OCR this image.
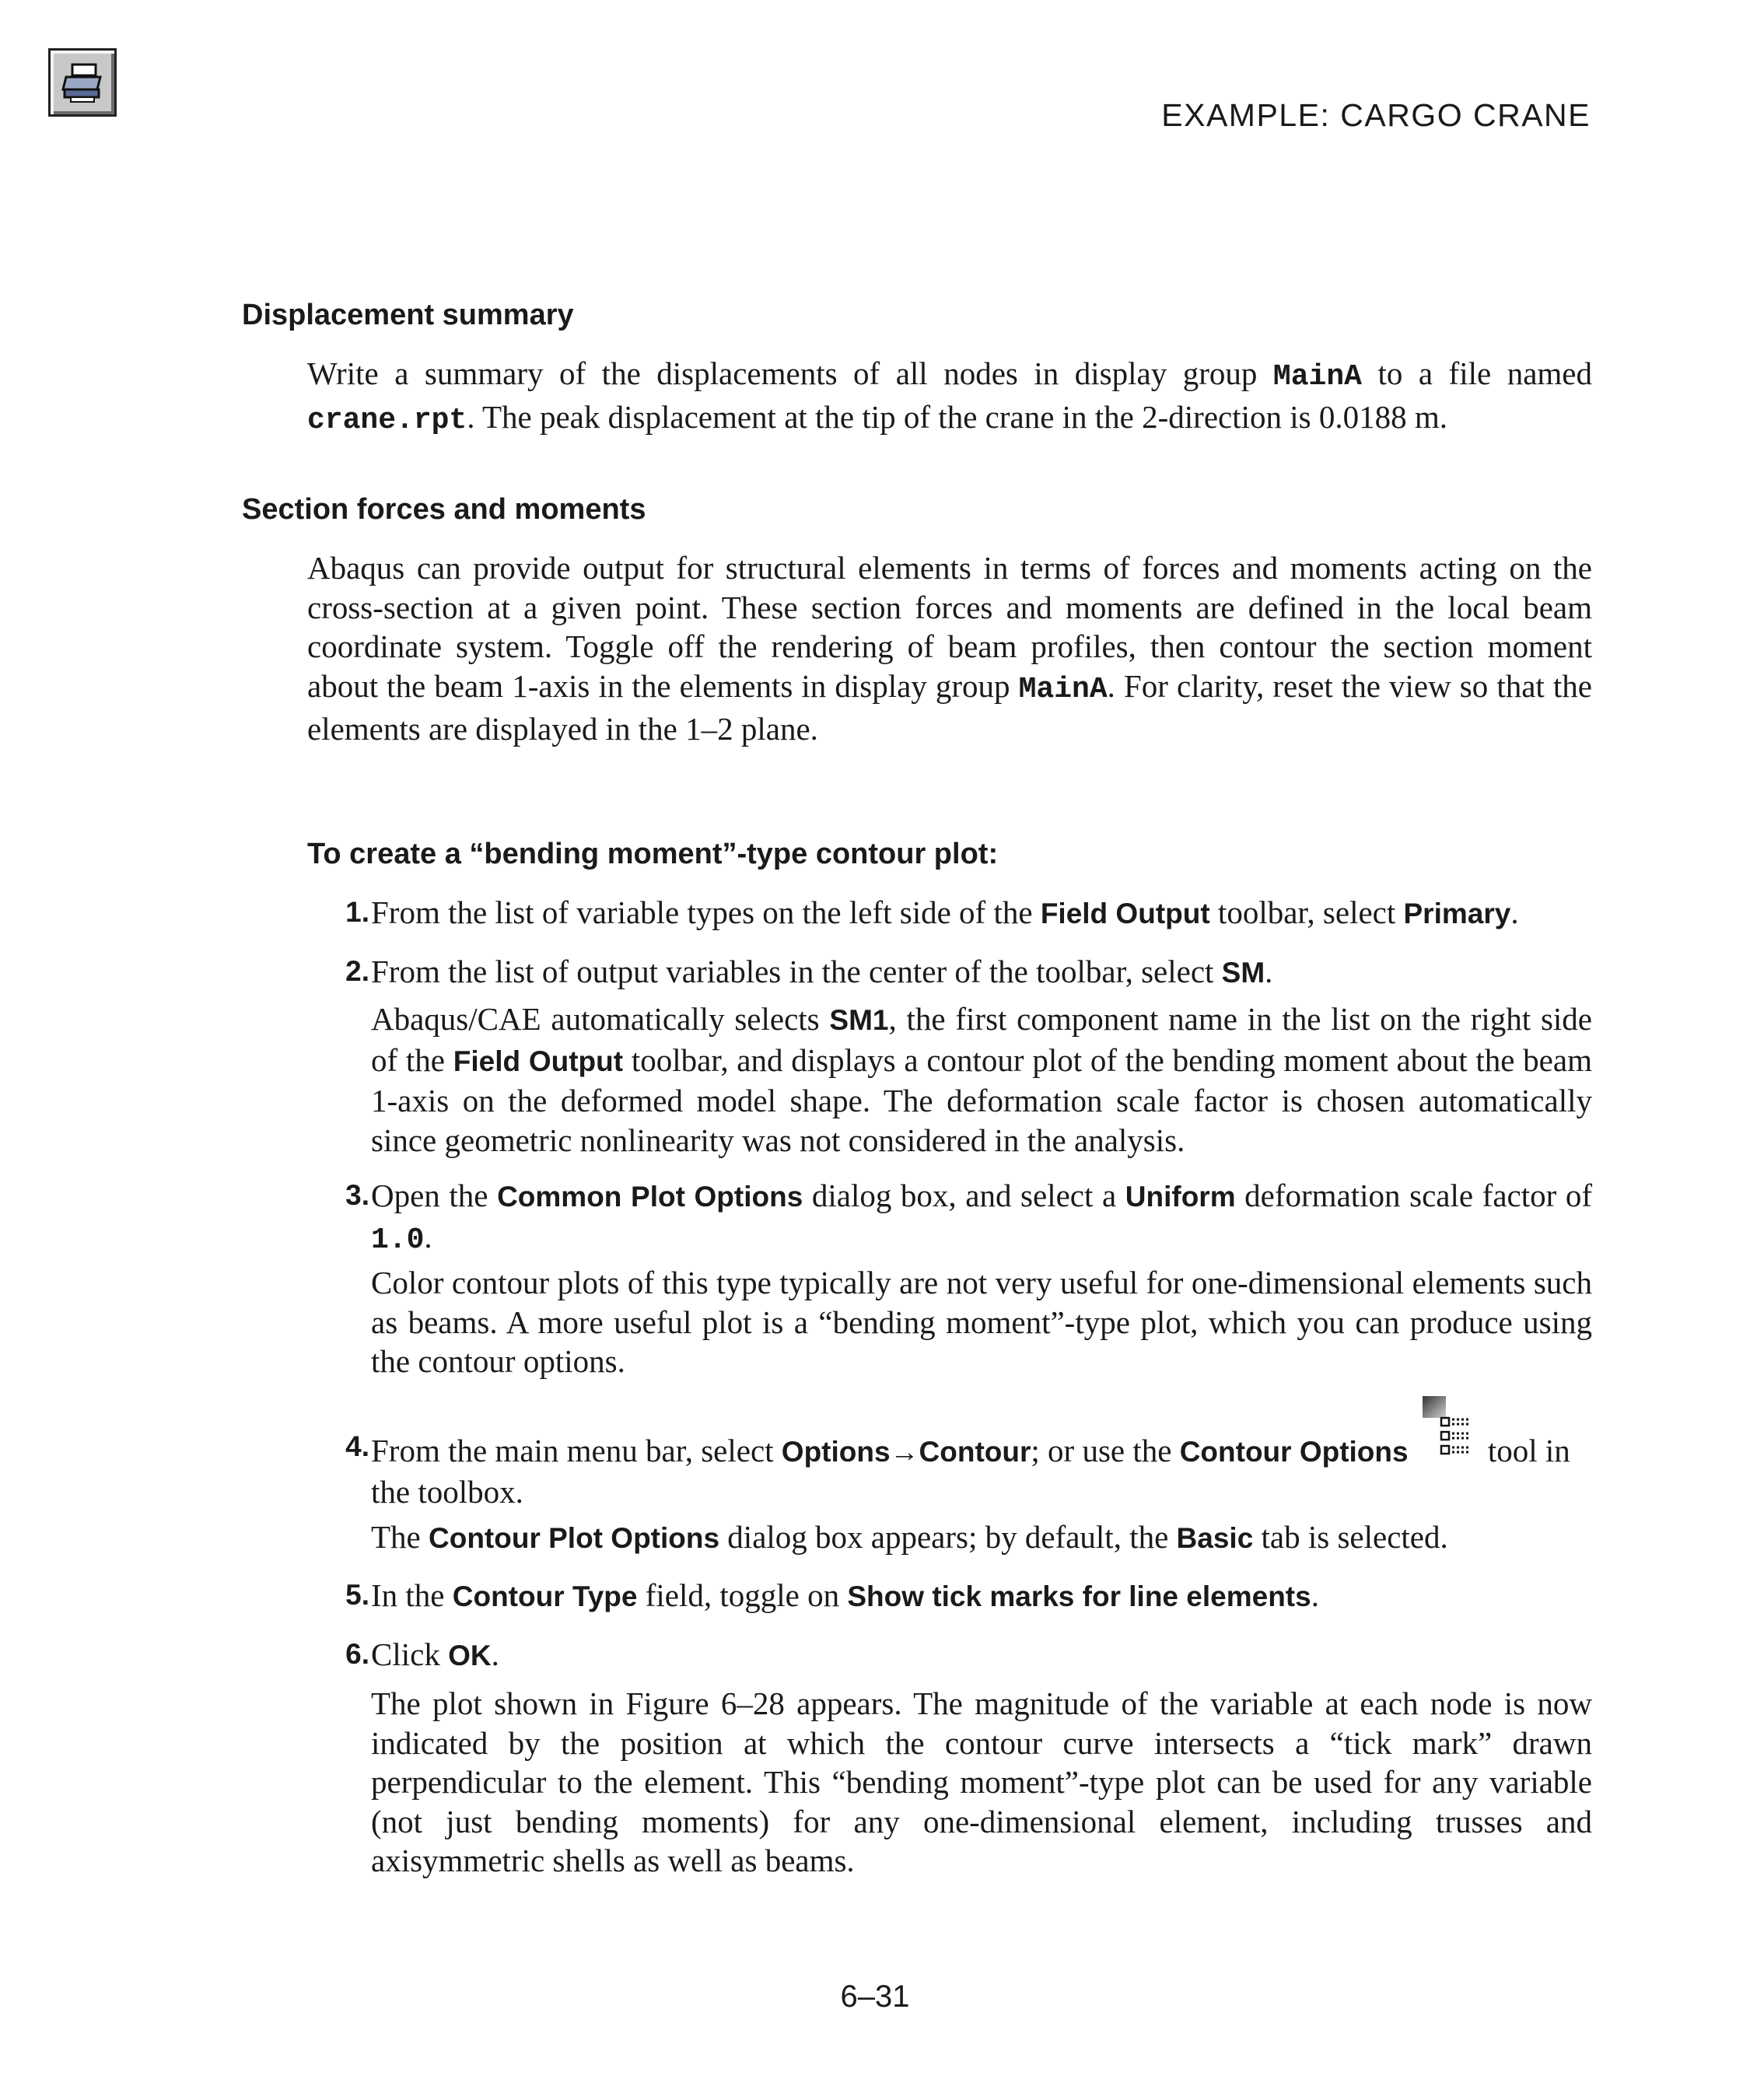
EXAMPLE: CARGO CRANE
Displacement summary

Write a summary of the displacements of all nodes in display group MainA to a file named crane.rpt. The peak displacement at the tip of the crane in the 2-direction is 0.0188 m.

Section forces and moments

Abaqus can provide output for structural elements in terms of forces and moments acting on the cross-section at a given point. These section forces and moments are defined in the local beam coordinate system. Toggle off the rendering of beam profiles, then contour the section moment about the beam 1-axis in the elements in display group MainA. For clarity, reset the view so that the elements are displayed in the 1–2 plane.

To create a “bending moment”-type contour plot:
1. From the list of variable types on the left side of the Field Output toolbar, select Primary.
2. From the list of output variables in the center of the toolbar, select SM.

Abaqus/CAE automatically selects SM1, the first component name in the list on the right side of the Field Output toolbar, and displays a contour plot of the bending moment about the beam 1-axis on the deformed model shape. The deformation scale factor is chosen automatically since geometric nonlinearity was not considered in the analysis.

3. Open the Common Plot Options dialog box, and select a Uniform deformation scale factor of 1.0.

Color contour plots of this type typically are not very useful for one-dimensional elements such as beams. A more useful plot is a “bending moment”-type plot, which you can produce using the contour options.

4. From the main menu bar, select Options→Contour; or use the Contour Options
tool in the toolbox.

The Contour Plot Options dialog box appears; by default, the Basic tab is selected.

5. In the Contour Type field, toggle on Show tick marks for line elements.
6. Click OK.

The plot shown in Figure 6–28 appears. The magnitude of the variable at each node is now indicated by the position at which the contour curve intersects a “tick mark” drawn perpendicular to the element. This “bending moment”-type plot can be used for any variable (not just bending moments) for any one-dimensional element, including trusses and axisymmetric shells as well as beams.

6–31
